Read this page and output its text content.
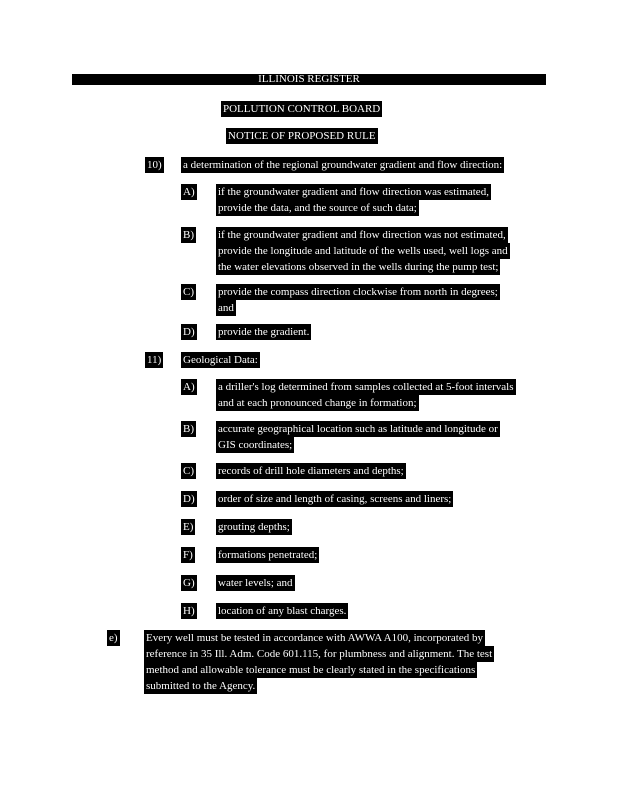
ILLINOIS REGISTER
POLLUTION CONTROL BOARD
NOTICE OF PROPOSED RULE
10) a determination of the regional groundwater gradient and flow direction:
A) if the groundwater gradient and flow direction was estimated,
provide the data, and the source of such data;
B) if the groundwater gradient and flow direction was not estimated,
provide the longitude and latitude of the wells used, well logs and
the water elevations observed in the wells during the pump test;
C) provide the compass direction clockwise from north in degrees;
and
D) provide the gradient.
11) Geological Data:
A) a driller's log determined from samples collected at 5-foot intervals
and at each pronounced change in formation;
B) accurate geographical location such as latitude and longitude or
GIS coordinates;
C) records of drill hole diameters and depths;
D) order of size and length of casing, screens and liners;
E) grouting depths;
F) formations penetrated;
G) water levels; and
H) location of any blast charges.
e)	Every well must be tested in accordance with AWWA A100, incorporated by
reference in 35 Ill. Adm. Code 601.115, for plumbness and alignment. The test
method and allowable tolerance must be clearly stated in the specifications
submitted to the Agency.
